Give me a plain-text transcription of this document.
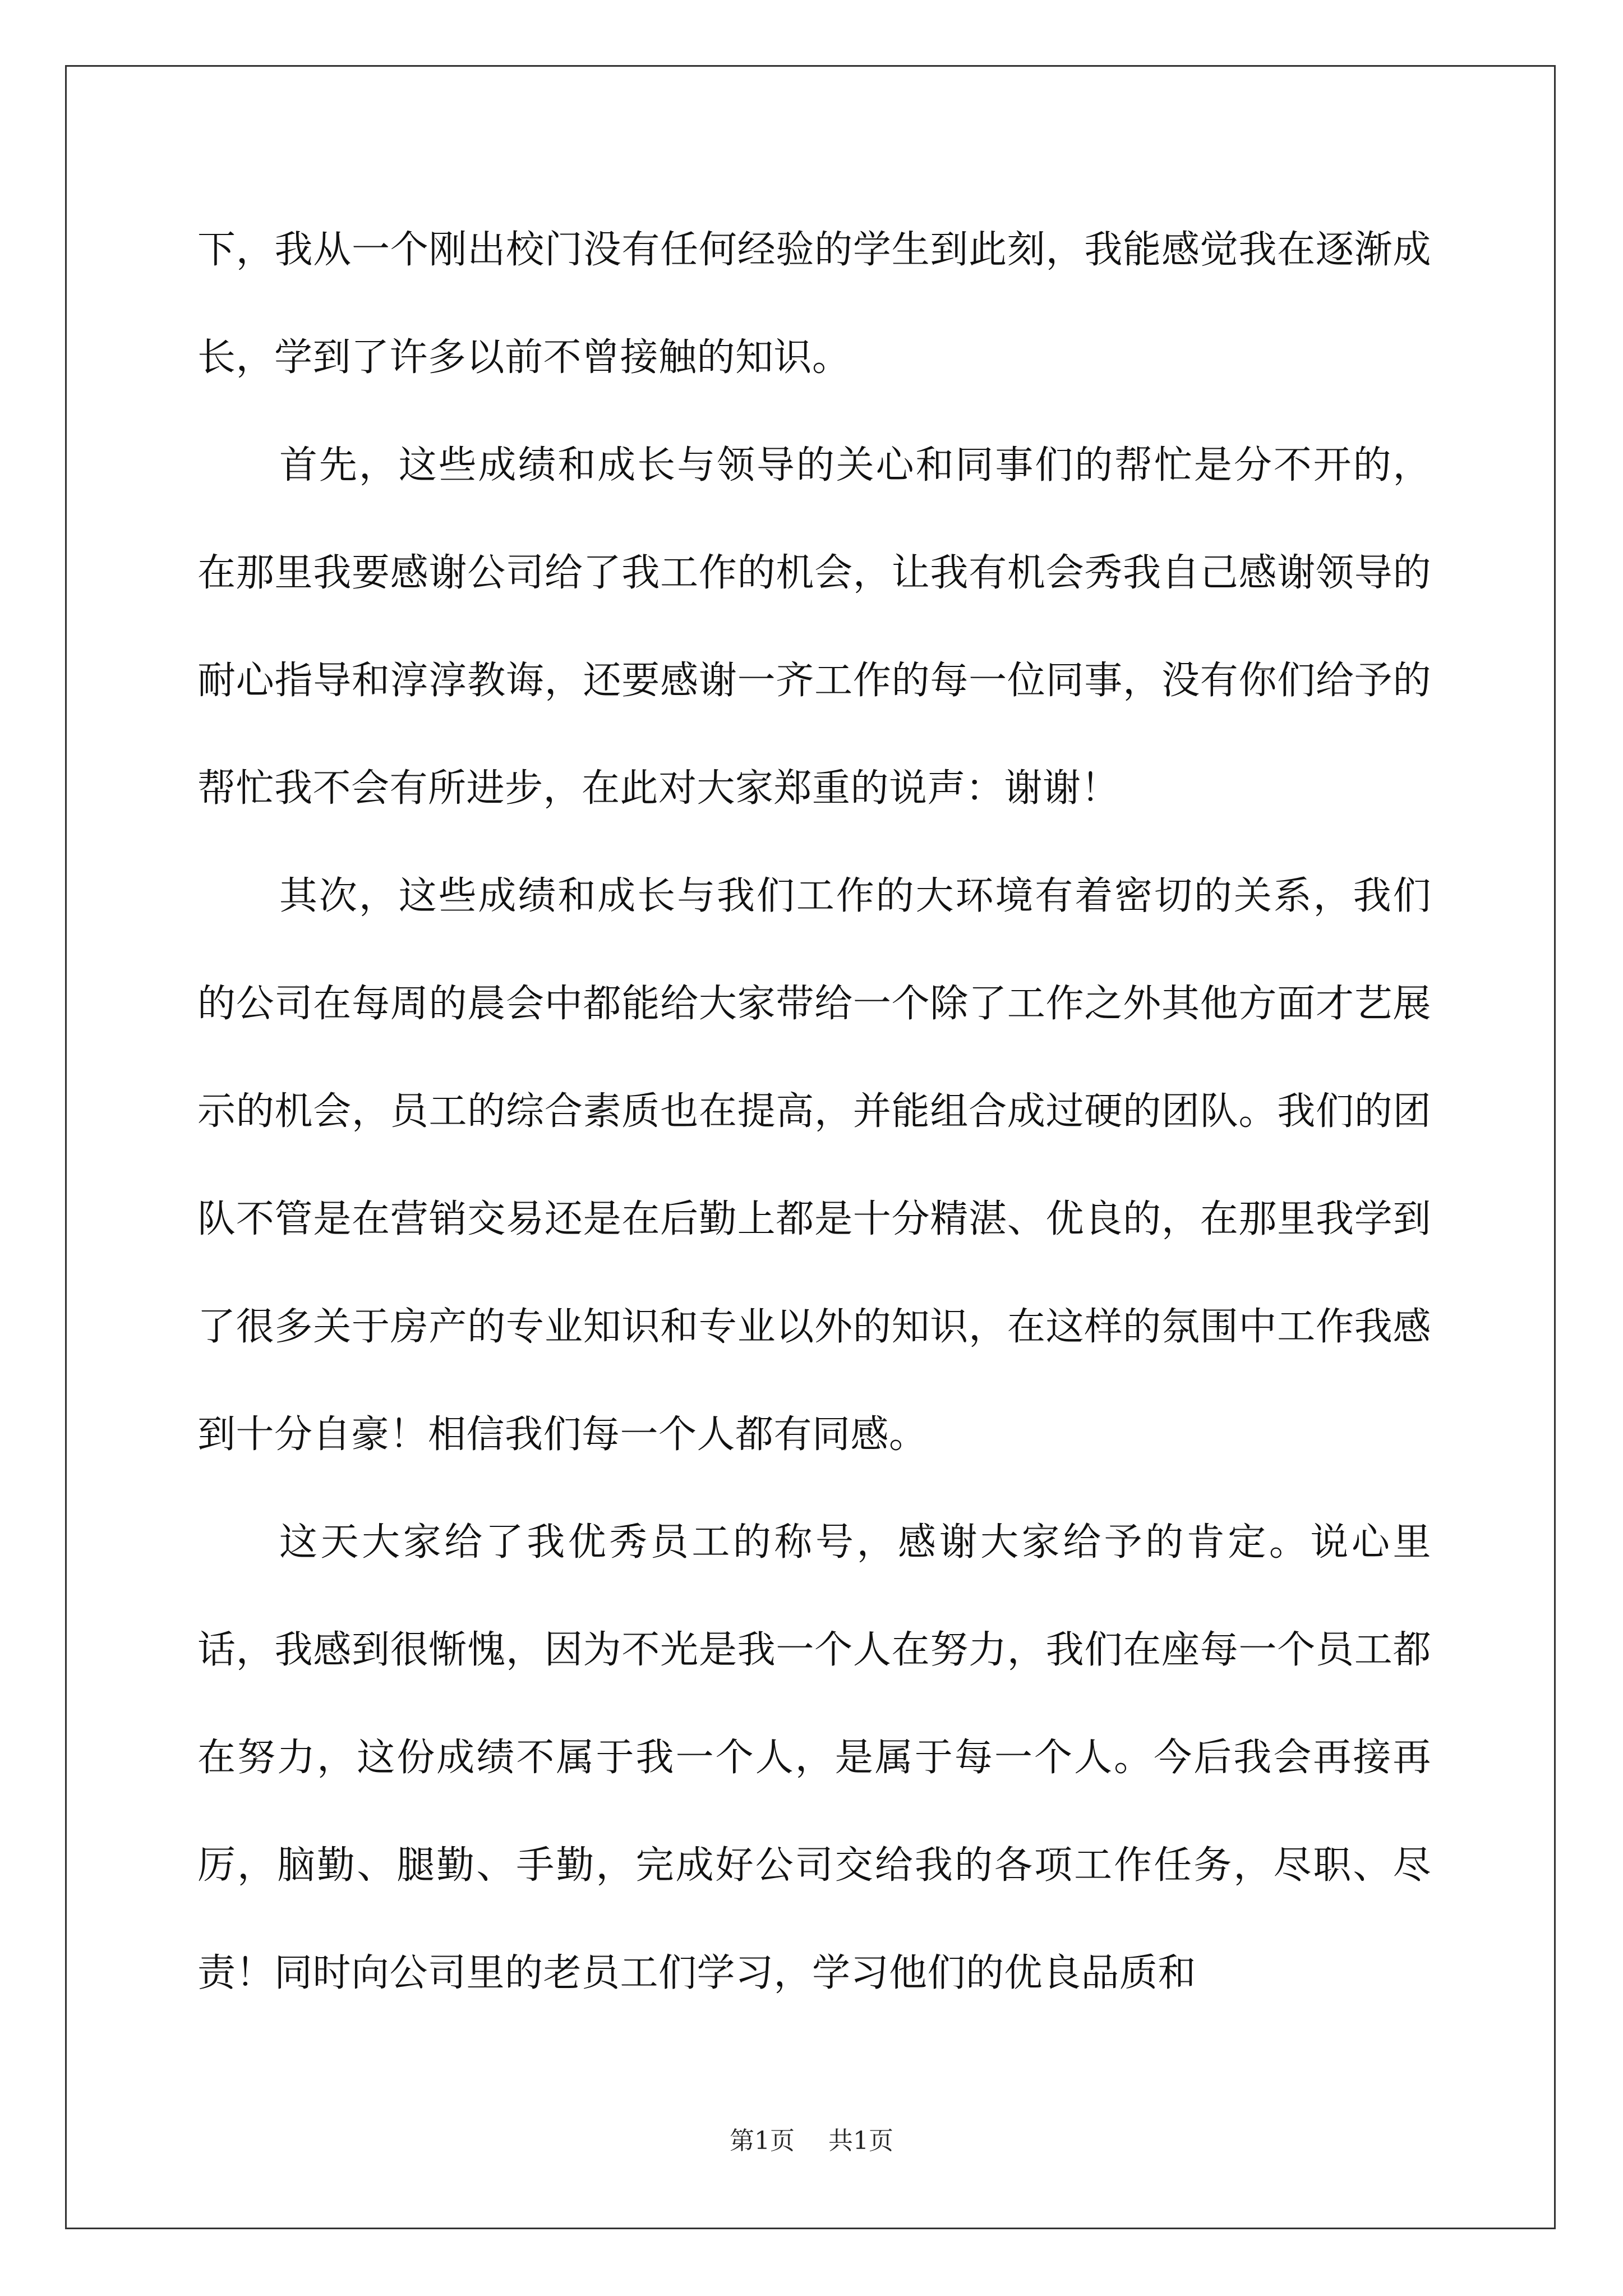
下，我从一个刚出校门没有任何经验的学生到此刻，我能感觉我在逐渐成长，学到了许多以前不曾接触的知识。

首先，这些成绩和成长与领导的关心和同事们的帮忙是分不开的，在那里我要感谢公司给了我工作的机会，让我有机会秀我自己感谢领导的耐心指导和淳淳教诲，还要感谢一齐工作的每一位同事，没有你们给予的帮忙我不会有所进步，在此对大家郑重的说声：谢谢！

其次，这些成绩和成长与我们工作的大环境有着密切的关系，我们的公司在每周的晨会中都能给大家带给一个除了工作之外其他方面才艺展示的机会，员工的综合素质也在提高，并能组合成过硬的团队。我们的团队不管是在营销交易还是在后勤上都是十分精湛、优良的，在那里我学到了很多关于房产的专业知识和专业以外的知识，在这样的氛围中工作我感到十分自豪！相信我们每一个人都有同感。

这天大家给了我优秀员工的称号，感谢大家给予的肯定。说心里话，我感到很惭愧，因为不光是我一个人在努力，我们在座每一个员工都在努力，这份成绩不属于我一个人，是属于每一个人。今后我会再接再厉，脑勤、腿勤、手勤，完成好公司交给我的各项工作任务，尽职、尽责！同时向公司里的老员工们学习，学习他们的优良品质和

第1页 共1页
